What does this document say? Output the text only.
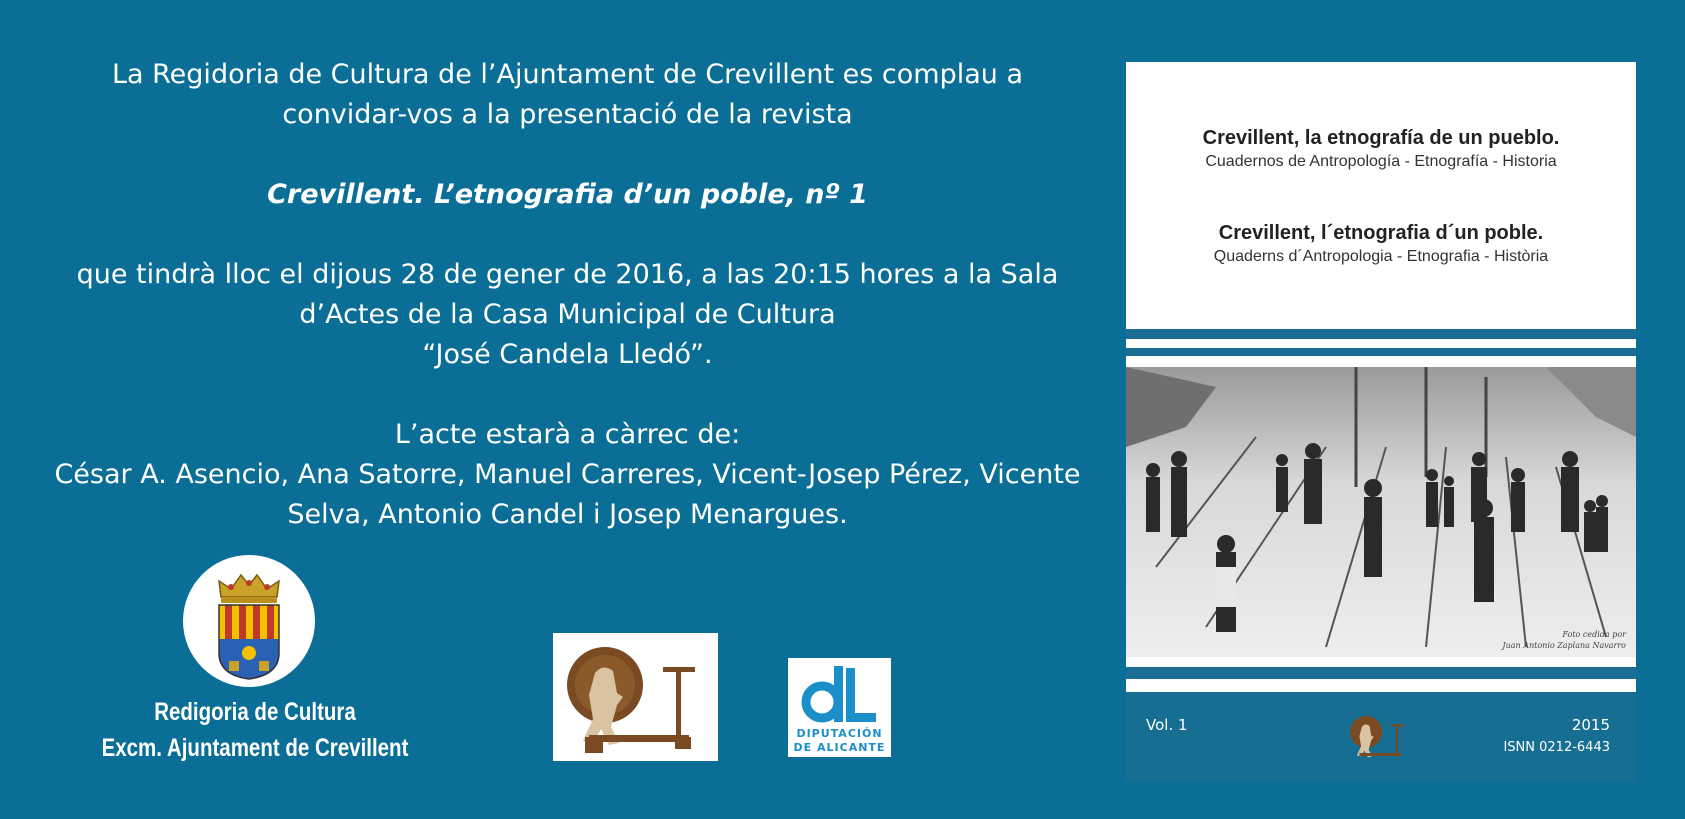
La Regidoria de Cultura de l’Ajuntament de Crevillent es complau a

convidar-vos a la presentació de la revista

Crevillent. L’etnografia d’un poble, nº 1

que tindrà lloc el dijous 28 de gener de 2016, a las 20:15 hores a la Sala

d’Actes de la Casa Municipal de Cultura

“José Candela Lledó”.

L’acte estarà a càrrec de:

César A. Asencio, Ana Satorre, Manuel Carreres, Vicent-Josep Pérez, Vicente

Selva, Antonio Candel i Josep Menargues.

Redigoria de Cultura
Excm. Ajuntament de Crevillent
DIPUTACIÓN
DE ALICANTE
Crevillent, la etnografía de un pueblo.
Cuadernos de Antropología - Etnografía - Historia
Crevillent, l´etnografia d´un poble.
Quaderns d´Antropologia - Etnografia - Història
Foto cedida por
Juan Antonio Zaplana Navarro
Vol. 1	2015
ISNN 0212-6443
